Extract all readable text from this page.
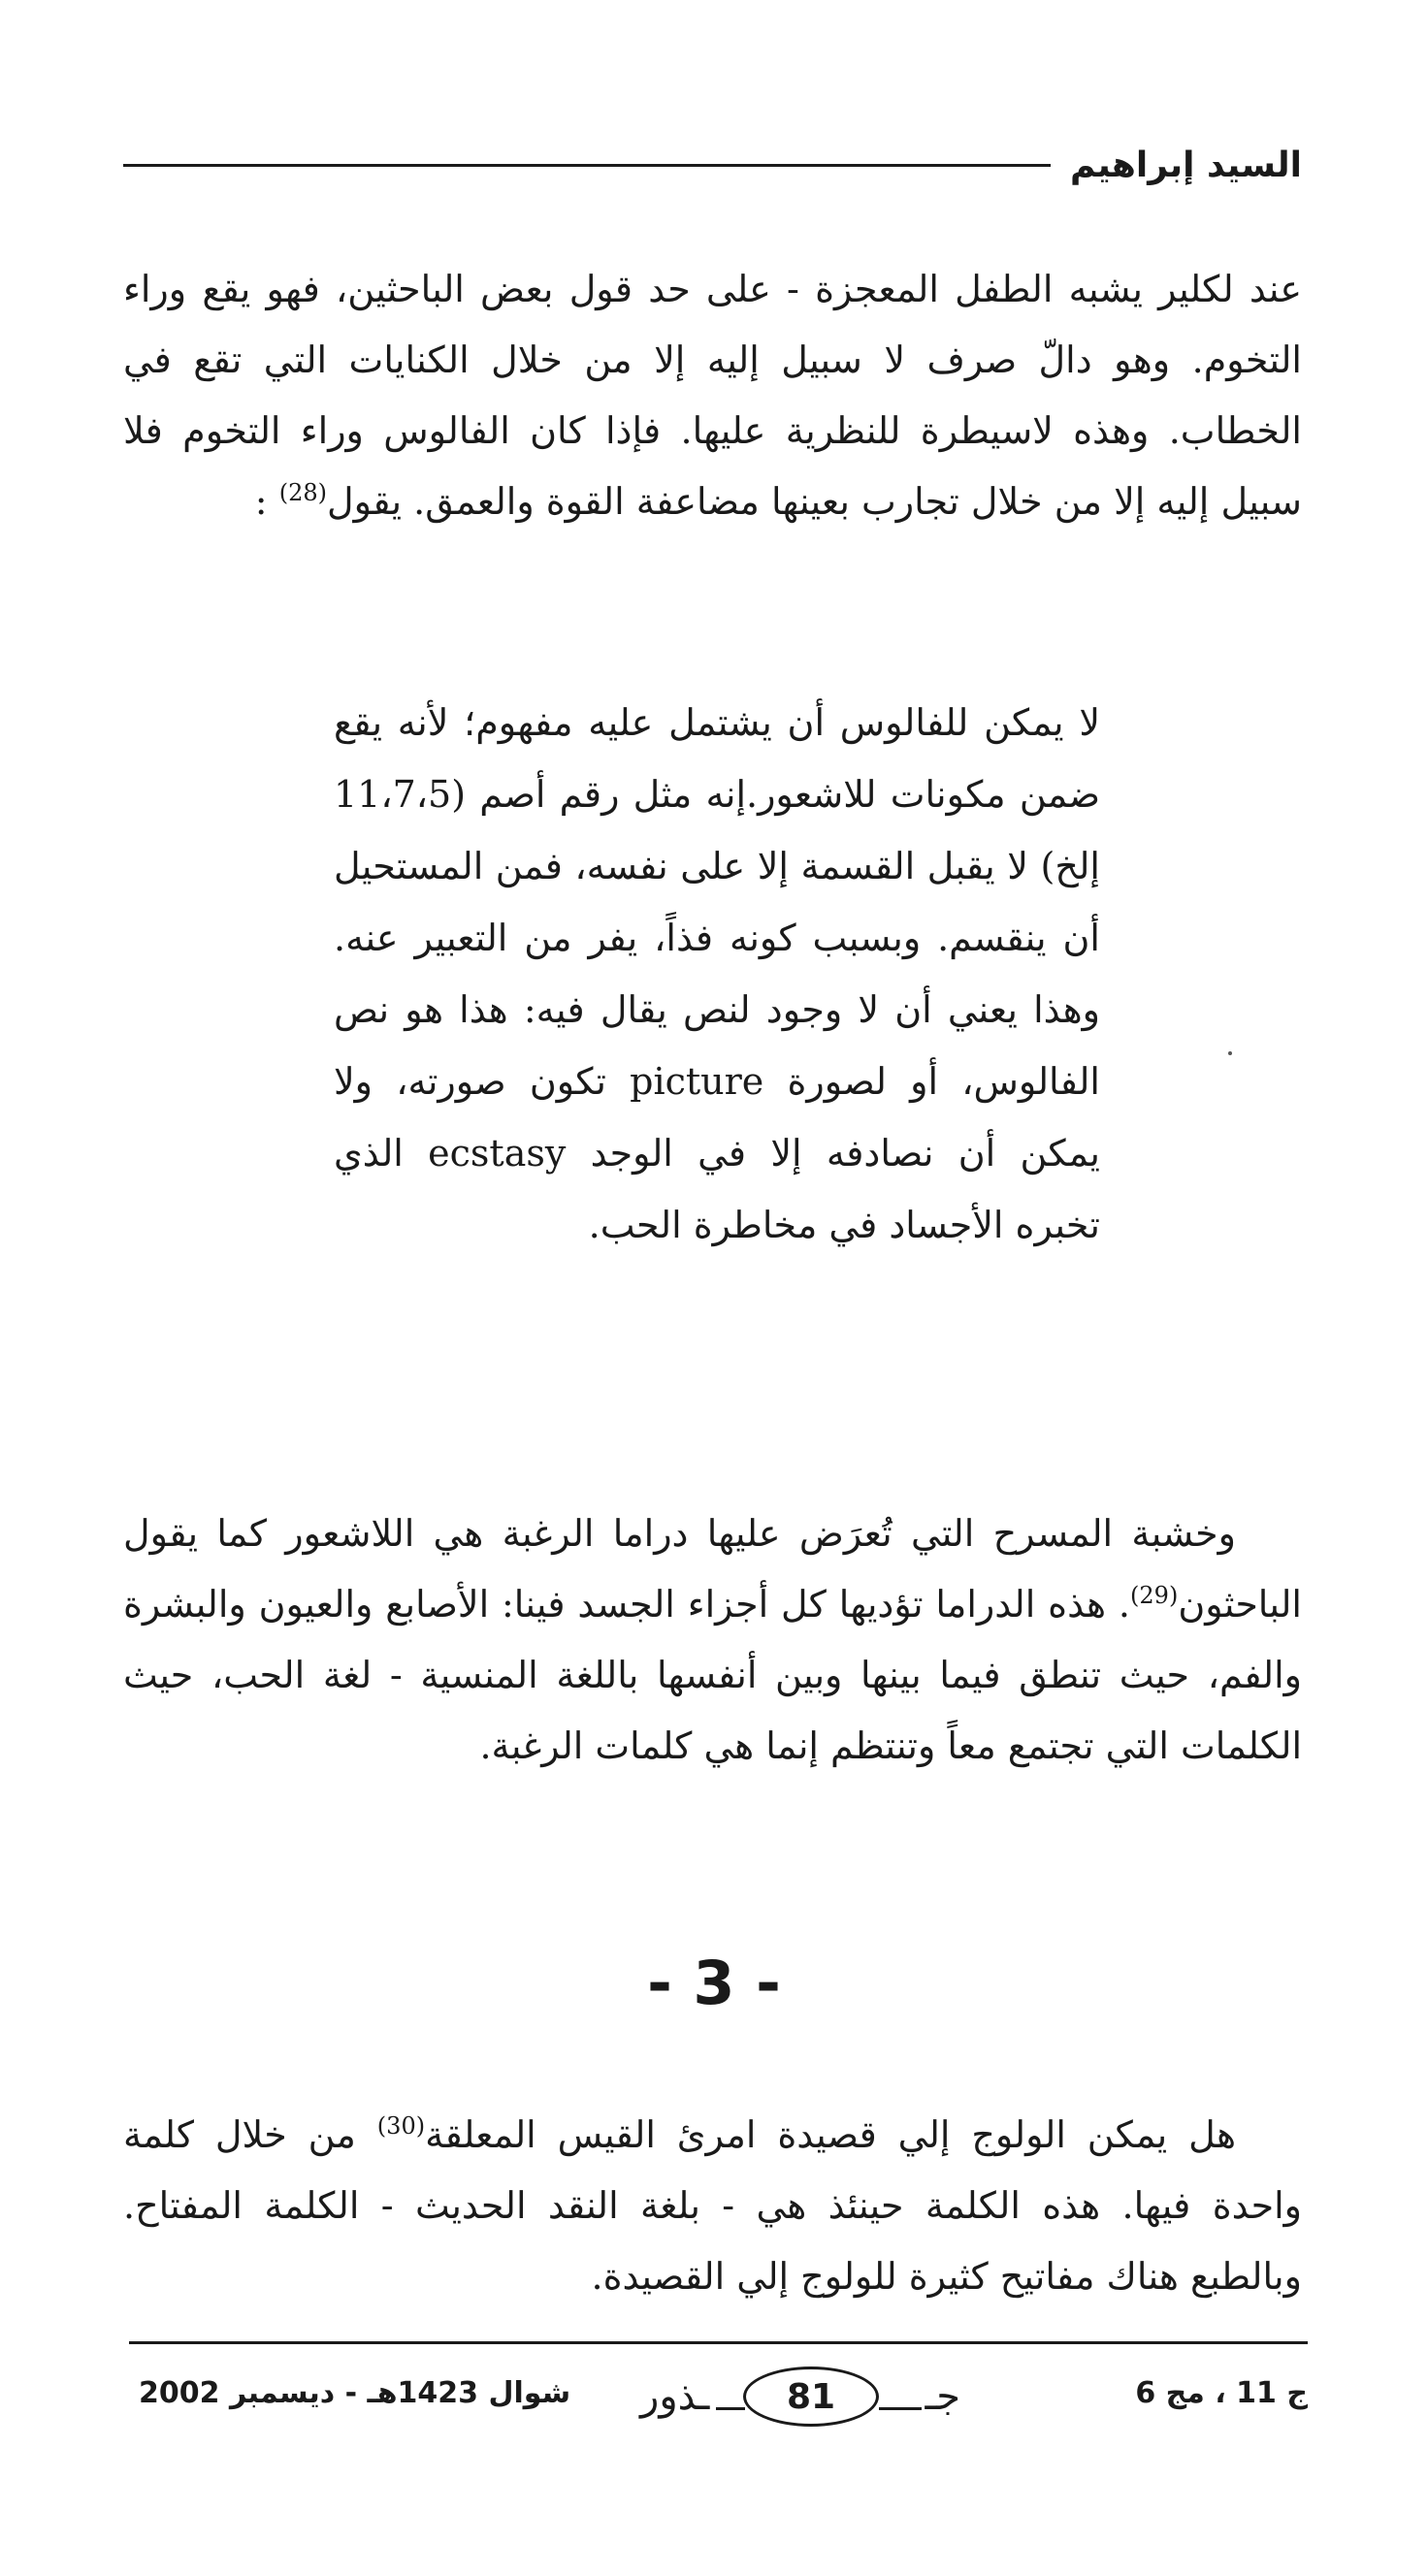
السيد إبراهيم

عند لكلير يشبه الطفل المعجزة - على حد قول بعض الباحثين، فهو يقع وراء التخوم. وهو دالّ صرف لا سبيل إليه إلا من خلال الكنايات التي تقع في الخطاب. وهذه لاسيطرة للنظرية عليها. فإذا كان الفالوس وراء التخوم فلا سبيل إليه إلا من خلال تجارب بعينها مضاعفة القوة والعمق. يقول$^{(28)}$ :

لا يمكن للفالوس أن يشتمل عليه مفهوم؛ لأنه يقع ضمن مكونات للاشعور.إنه مثل رقم أصم (11،7،5 إلخ) لا يقبل القسمة إلا على نفسه، فمن المستحيل أن ينقسم. وبسبب كونه فذاً، يفر من التعبير عنه. وهذا يعني أن لا وجود لنص يقال فيه: هذا هو نص الفالوس، أو لصورة picture تكون صورته، ولا يمكن أن نصادفه إلا في الوجد ecstasy الذي تخبره الأجساد في مخاطرة الحب.

وخشبة المسرح التي تُعرَض عليها دراما الرغبة هي اللاشعور كما يقول الباحثون$^{(29)}$. هذه الدراما تؤديها كل أجزاء الجسد فينا: الأصابع والعيون والبشرة والفم، حيث تنطق فيما بينها وبين أنفسها باللغة المنسية - لغة الحب، حيث الكلمات التي تجتمع معاً وتنتظم إنما هي كلمات الرغبة.

- 3 -

هل يمكن الولوج إلي قصيدة امرئ القيس المعلقة$^{(30)}$ من خلال كلمة واحدة فيها. هذه الكلمة حينئذ هي - بلغة النقد الحديث - الكلمة المفتاح. وبالطبع هناك مفاتيح كثيرة للولوج إلي القصيدة.

ج 11 ، مج 6
ـذور 81 جـ
شوال 1423هـ - ديسمبر 2002
